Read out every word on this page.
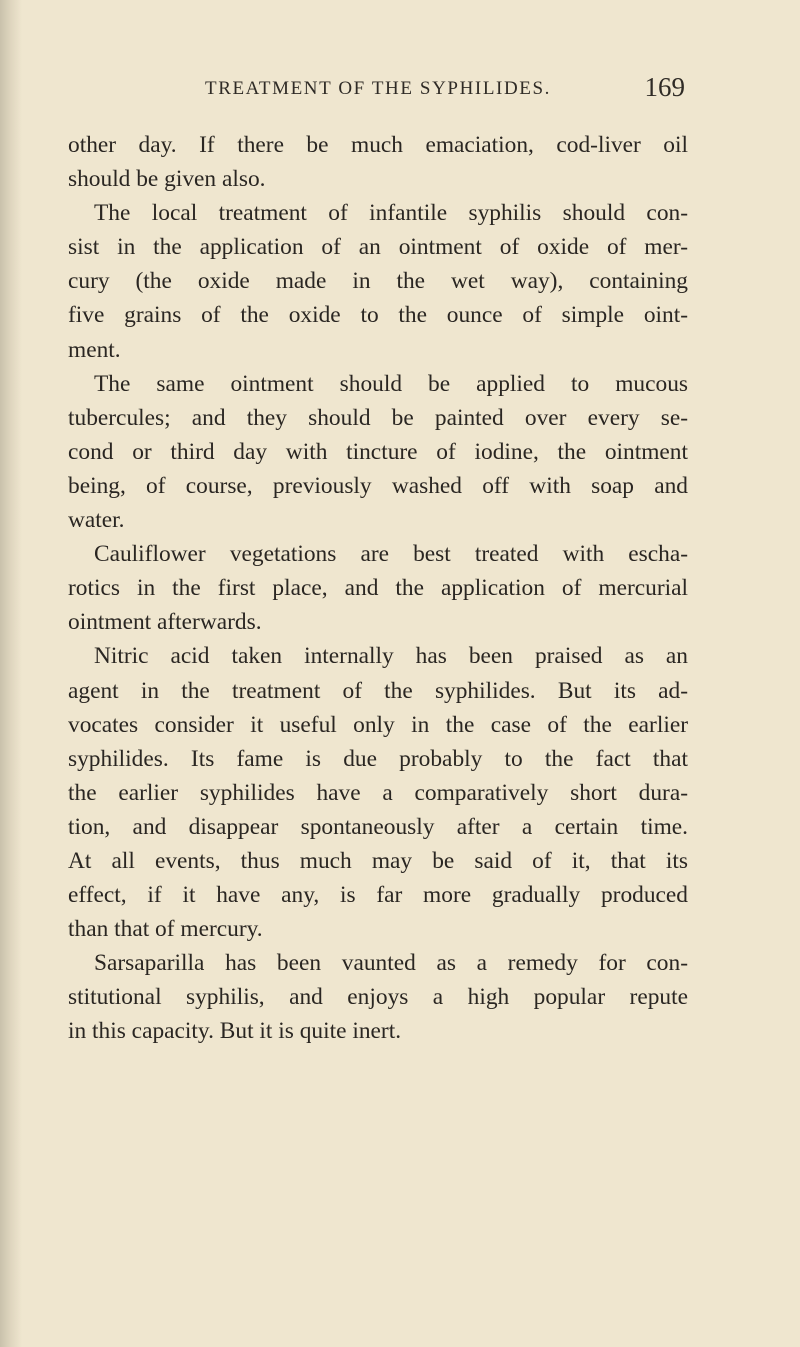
TREATMENT OF THE SYPHILIDES.	169
other day. If there be much emaciation, cod-liver oil
should be given also.
The local treatment of infantile syphilis should con-
sist in the application of an ointment of oxide of mer-
cury (the oxide made in the wet way), containing
five grains of the oxide to the ounce of simple oint-
ment.
The same ointment should be applied to mucous
tubercules; and they should be painted over every se-
cond or third day with tincture of iodine, the ointment
being, of course, previously washed off with soap and
water.
Cauliflower vegetations are best treated with escha-
rotics in the first place, and the application of mercurial
ointment afterwards.
Nitric acid taken internally has been praised as an
agent in the treatment of the syphilides. But its ad-
vocates consider it useful only in the case of the earlier
syphilides. Its fame is due probably to the fact that
the earlier syphilides have a comparatively short dura-
tion, and disappear spontaneously after a certain time.
At all events, thus much may be said of it, that its
effect, if it have any, is far more gradually produced
than that of mercury.
Sarsaparilla has been vaunted as a remedy for con-
stitutional syphilis, and enjoys a high popular repute
in this capacity. But it is quite inert.
